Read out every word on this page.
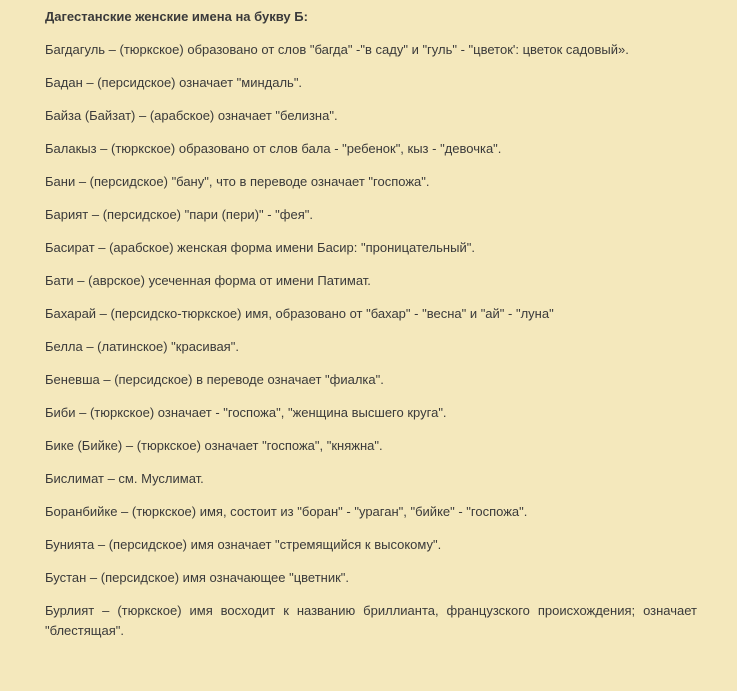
Дагестанские женские имена на букву Б:
Багдагуль – (тюркское) образовано от слов "багда" -"в саду" и "гуль" - "цветок': цветок садовый».
Бадан – (персидское) означает "миндаль".
Байза (Байзат) – (арабское) означает "белизна".
Балакыз – (тюркское) образовано от слов бала - "ребенок", кыз - "девочка".
Бани – (персидское) "бану", что в переводе означает "госпожа".
Барият – (персидское) "пари (пери)" - "фея".
Басират – (арабское) женская форма имени Басир: "проницательный".
Бати – (аврское) усеченная форма от имени Патимат.
Бахарай – (персидско-тюркское) имя, образовано от "бахар" - "весна" и "ай" - "луна"
Белла – (латинское) "красивая".
Беневша – (персидское) в переводе означает "фиалка".
Биби – (тюркское) означает - "госпожа", "женщина высшего круга".
Бике (Бийке) – (тюркское) означает "госпожа", "княжна".
Бислимат – см. Муслимат.
Боранбийке – (тюркское) имя, состоит из "боран" - "ураган", "бийке" - "госпожа".
Бунията – (персидское) имя означает "стремящийся к высокому".
Бустан – (персидское) имя означающее "цветник".
Бурлият – (тюркское) имя восходит к названию бриллианта, французского происхождения; означает "блестящая".
